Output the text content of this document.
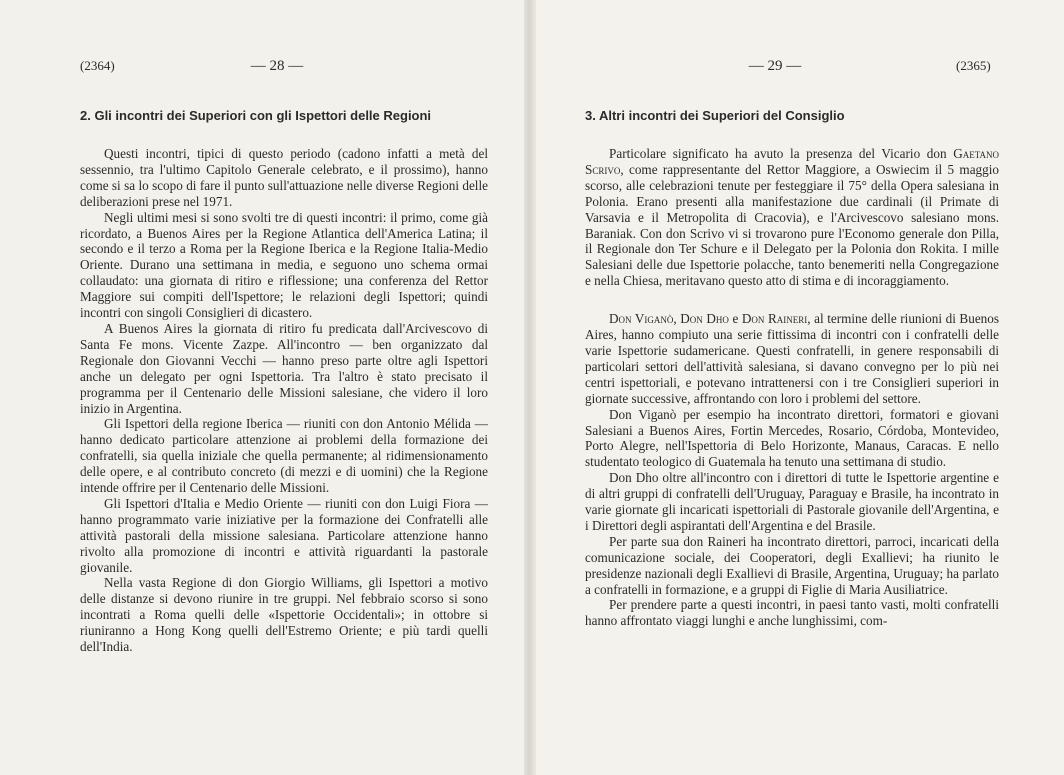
(2364)	— 28 —
2. Gli incontri dei Superiori con gli Ispettori delle Regioni

Questi incontri, tipici di questo periodo (cadono infatti a metà del sessennio, tra l'ultimo Capitolo Generale celebrato, e il prossimo), hanno come si sa lo scopo di fare il punto sull'attuazione nelle diverse Regioni delle deliberazioni prese nel 1971.

Negli ultimi mesi si sono svolti tre di questi incontri: il primo, come già ricordato, a Buenos Aires per la Regione Atlantica dell'America Latina; il secondo e il terzo a Roma per la Regione Iberica e la Regione Italia-Medio Oriente. Durano una settimana in media, e seguono uno schema ormai collaudato: una giornata di ritiro e riflessione; una conferenza del Rettor Maggiore sui compiti dell'Ispettore; le relazioni degli Ispettori; quindi incontri con singoli Consiglieri di dicastero.

A Buenos Aires la giornata di ritiro fu predicata dall'Arcivescovo di Santa Fe mons. Vicente Zazpe. All'incontro — ben organizzato dal Regionale don Giovanni Vecchi — hanno preso parte oltre agli Ispettori anche un delegato per ogni Ispettoria. Tra l'altro è stato precisato il programma per il Centenario delle Missioni salesiane, che videro il loro inizio in Argentina.

Gli Ispettori della regione Iberica — riuniti con don Antonio Mélida — hanno dedicato particolare attenzione ai problemi della formazione dei confratelli, sia quella iniziale che quella permanente; al ridimensionamento delle opere, e al contributo concreto (di mezzi e di uomini) che la Regione intende offrire per il Centenario delle Missioni.

Gli Ispettori d'Italia e Medio Oriente — riuniti con don Luigi Fiora — hanno programmato varie iniziative per la formazione dei Confratelli alle attività pastorali della missione salesiana. Particolare attenzione hanno rivolto alla promozione di incontri e attività riguardanti la pastorale giovanile.

Nella vasta Regione di don Giorgio Williams, gli Ispettori a motivo delle distanze si devono riunire in tre gruppi. Nel febbraio scorso si sono incontrati a Roma quelli delle «Ispettorie Occidentali»; in ottobre si riuniranno a Hong Kong quelli dell'Estremo Oriente; e più tardi quelli dell'India.

— 29 —	(2365)
3. Altri incontri dei Superiori del Consiglio

Particolare significato ha avuto la presenza del Vicario don Gaetano Scrivo, come rappresentante del Rettor Maggiore, a Oswiecim il 5 maggio scorso, alle celebrazioni tenute per festeggiare il 75° della Opera salesiana in Polonia. Erano presenti alla manifestazione due cardinali (il Primate di Varsavia e il Metropolita di Cracovia), e l'Arcivescovo salesiano mons. Baraniak. Con don Scrivo vi si trovarono pure l'Economo generale don Pilla, il Regionale don Ter Schure e il Delegato per la Polonia don Rokita. I mille Salesiani delle due Ispettorie polacche, tanto benemeriti nella Congregazione e nella Chiesa, meritavano questo atto di stima e di incoraggiamento.

Don Viganò, Don Dho e Don Raineri, al termine delle riunioni di Buenos Aires, hanno compiuto una serie fittissima di incontri con i confratelli delle varie Ispettorie sudamericane. Questi confratelli, in genere responsabili di particolari settori dell'attività salesiana, si davano convegno per lo più nei centri ispettoriali, e potevano intrattenersi con i tre Consiglieri superiori in giornate successive, affrontando con loro i problemi del settore.

Don Viganò per esempio ha incontrato direttori, formatori e giovani Salesiani a Buenos Aires, Fortin Mercedes, Rosario, Córdoba, Montevideo, Porto Alegre, nell'Ispettoria di Belo Horizonte, Manaus, Caracas. E nello studentato teologico di Guatemala ha tenuto una settimana di studio.

Don Dho oltre all'incontro con i direttori di tutte le Ispettorie argentine e di altri gruppi di confratelli dell'Uruguay, Paraguay e Brasile, ha incontrato in varie giornate gli incaricati ispettoriali di Pastorale giovanile dell'Argentina, e i Direttori degli aspirantati dell'Argentina e del Brasile.

Per parte sua don Raineri ha incontrato direttori, parroci, incaricati della comunicazione sociale, dei Cooperatori, degli Exallievi; ha riunito le presidenze nazionali degli Exallievi di Brasile, Argentina, Uruguay; ha parlato a confratelli in formazione, e a gruppi di Figlie di Maria Ausiliatrice.

Per prendere parte a questi incontri, in paesi tanto vasti, molti confratelli hanno affrontato viaggi lunghi e anche lunghissimi, com-
